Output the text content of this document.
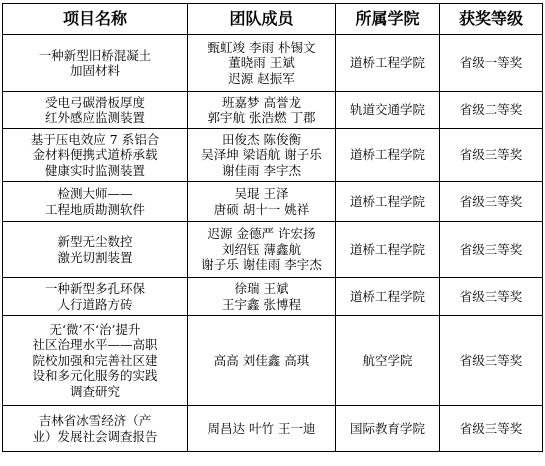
项目名称	团队成员	所属学院	获奖等级

一种新型旧桥混凝土
加固材料	甄虹竣 李雨 朴锡文
董晓雨 王斌
迟源 赵振军	道桥工程学院	省级一等奖

受电弓碳滑板厚度
红外感应监测装置	班嘉梦 高誉龙
郭宇航 张浩燃 丁郡	轨道交通学院	省级二等奖

基于压电效应 7 系铝合
金材料便携式道桥承载
健康实时监测装置	田俊杰 陈俊衡
吴泽坤 梁语航 谢子乐
谢佳雨 李宇杰	道桥工程学院	省级三等奖

检测大师——
工程地质勘测软件	吴琨 王泽
唐硕 胡十一 姚祥	道桥工程学院	省级三等奖

新型无尘数控
激光切割装置	迟源 金德严 许宏扬
刘绍钰 薄鑫航
谢子乐 谢佳雨 李宇杰	道桥工程学院	省级三等奖

一种新型多孔环保
人行道路方砖	徐瑞 王斌
王宇鑫 张博程	道桥工程学院	省级三等奖

无‘微’不‘治’提升
社区治理水平——高职
院校加强和完善社区建
设和多元化服务的实践
调查研究	高高 刘佳鑫 高琪	航空学院	省级三等奖

吉林省冰雪经济（产
业）发展社会调查报告	周昌达 叶竹 王一迪	国际教育学院	省级三等奖
